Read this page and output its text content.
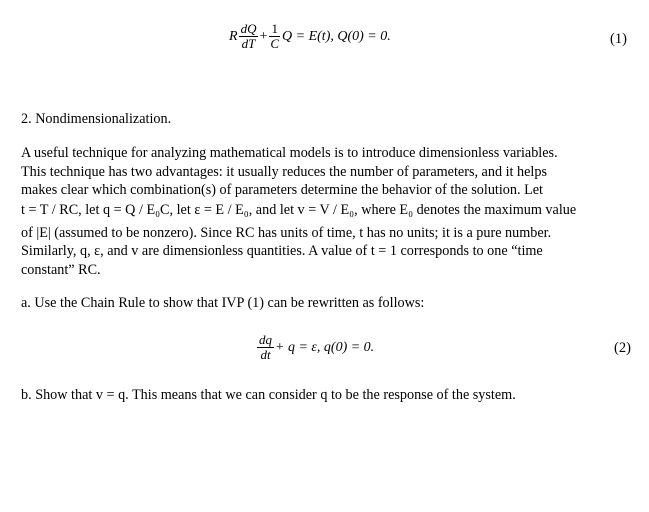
R $\frac{dQ}{dT} + \frac{1}{C}$ Q = E(t), Q(0) = 0.	(1)
2. Nondimensionalization.
A useful technique for analyzing mathematical models is to introduce dimensionless variables.
This technique has two advantages: it usually reduces the number of parameters, and it helps
makes clear which combination(s) of parameters determine the behavior of the solution. Let
t = T / RC, let q = Q / E₀C, let ε = E / E₀, and let v = V / E₀, where E₀ denotes the maximum value
of |E| (assumed to be nonzero). Since RC has units of time, t has no units; it is a pure number.
Similarly, q, ε, and v are dimensionless quantities. A value of t = 1 corresponds to one “time
constant” RC.
a. Use the Chain Rule to show that IVP (1) can be rewritten as follows:
$\frac{dq}{dt} + q = \varepsilon$, q(0) = 0.	(2)
b. Show that v = q. This means that we can consider q to be the response of the system.
